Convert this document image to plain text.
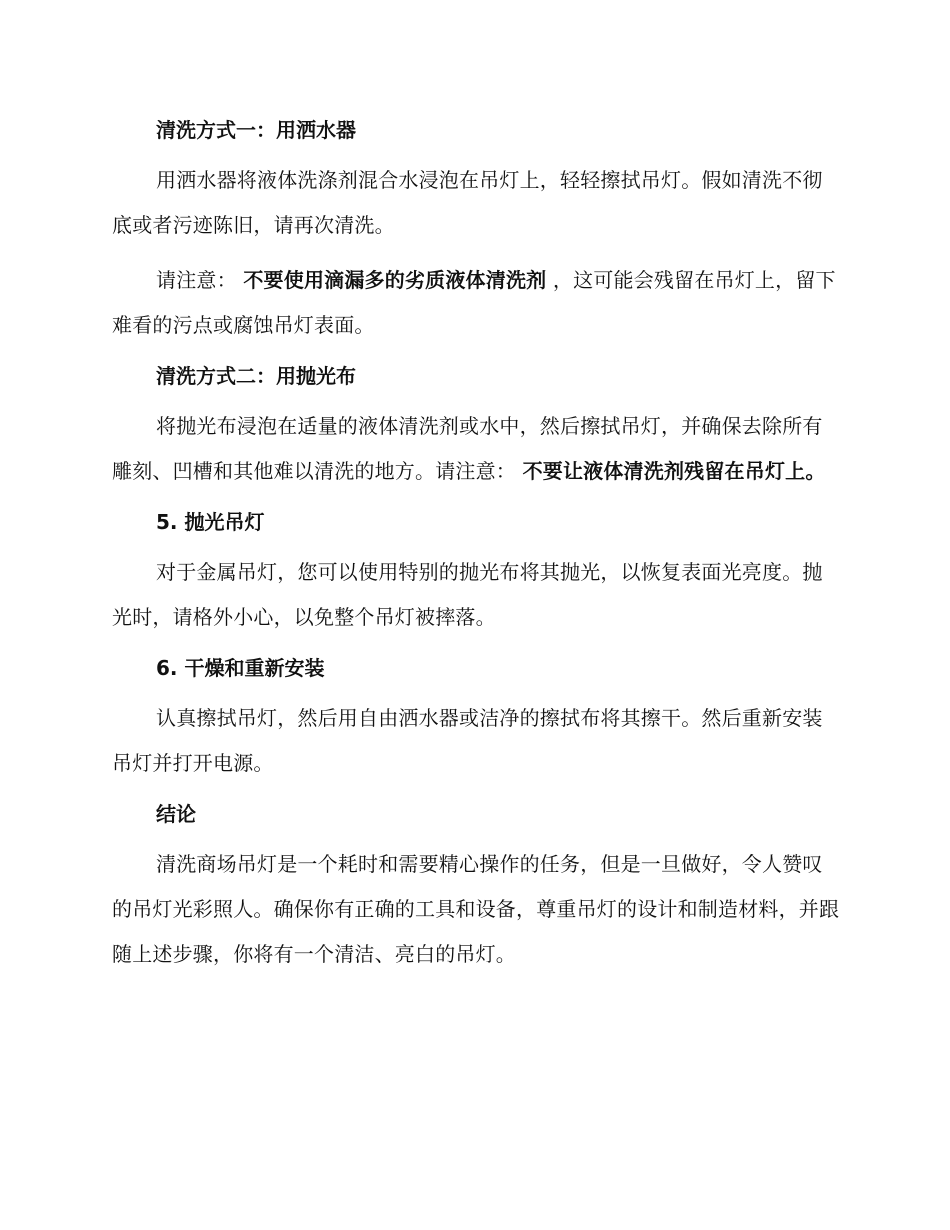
清洗方式一：用洒水器
用洒水器将液体洗涤剂混合水浸泡在吊灯上，轻轻擦拭吊灯。假如清洗不彻底或者污迹陈旧，请再次清洗。
请注意： 不要使用滴漏多的劣质液体清洗剂 ，这可能会残留在吊灯上，留下难看的污点或腐蚀吊灯表面。
清洗方式二：用抛光布
将抛光布浸泡在适量的液体清洗剂或水中，然后擦拭吊灯，并确保去除所有雕刻、凹槽和其他难以清洗的地方。请注意： 不要让液体清洗剂残留在吊灯上。
5. 抛光吊灯
对于金属吊灯，您可以使用特别的抛光布将其抛光，以恢复表面光亮度。抛光时，请格外小心，以免整个吊灯被摔落。
6. 干燥和重新安装
认真擦拭吊灯，然后用自由洒水器或洁净的擦拭布将其擦干。然后重新安装吊灯并打开电源。
结论
清洗商场吊灯是一个耗时和需要精心操作的任务，但是一旦做好，令人赞叹的吊灯光彩照人。确保你有正确的工具和设备，尊重吊灯的设计和制造材料，并跟随上述步骤，你将有一个清洁、亮白的吊灯。
